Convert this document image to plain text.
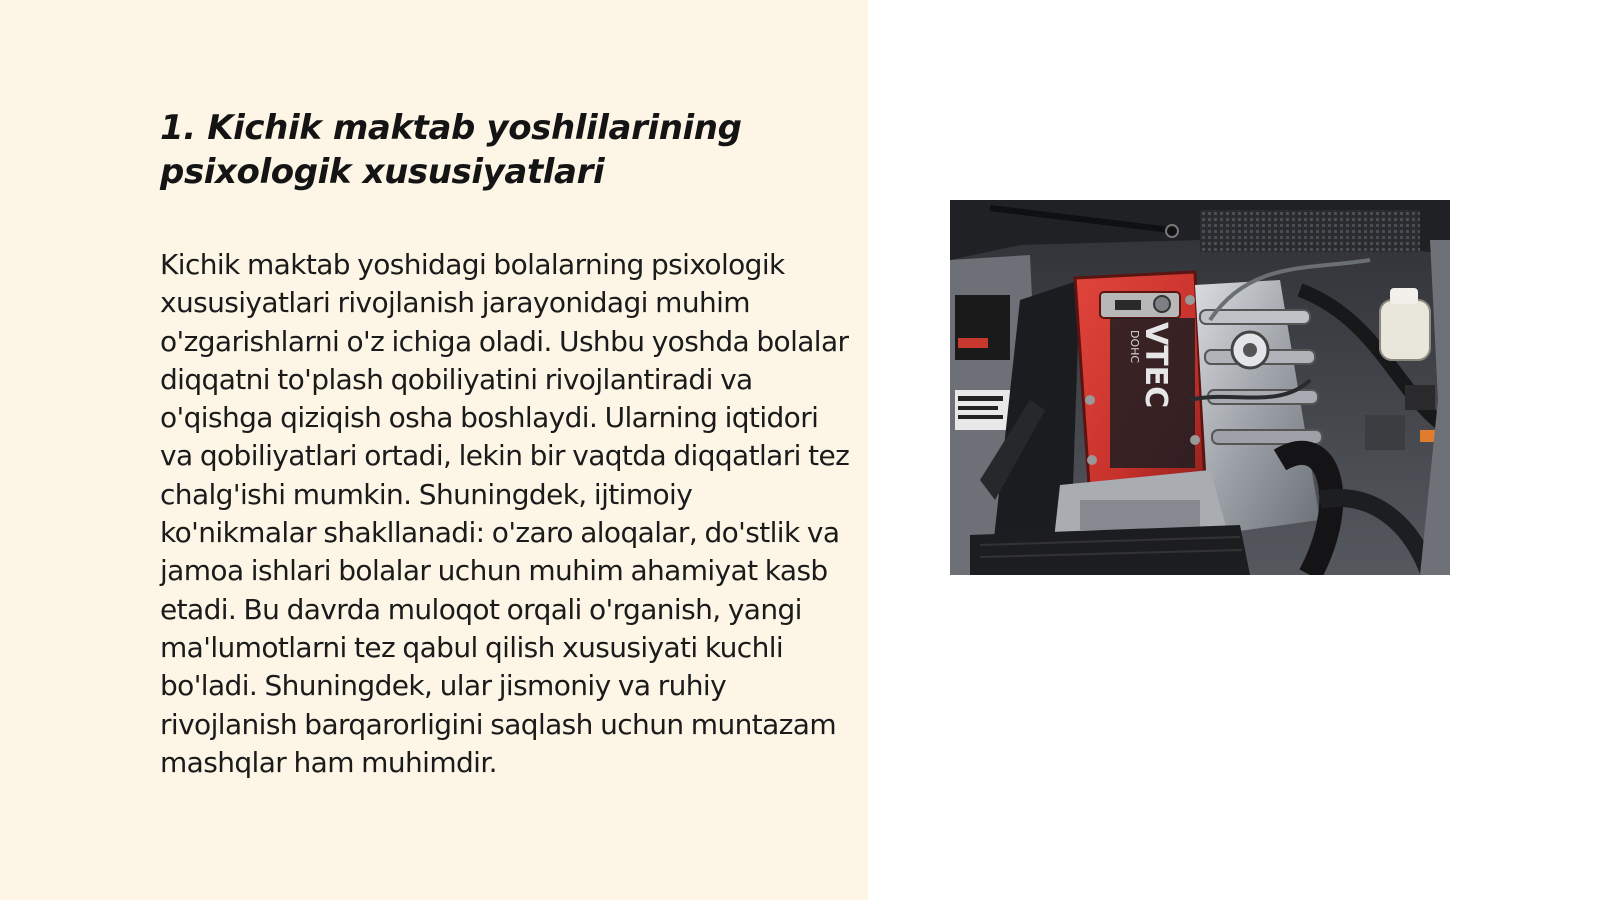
1. Kichik maktab yoshlilarining psixologik xususiyatlari

Kichik maktab yoshidagi bolalarning psixologik xususiyatlari rivojlanish jarayonidagi muhim o'zgarishlarni o'z ichiga oladi. Ushbu yoshda bolalar diqqatni to'plash qobiliyatini rivojlantiradi va o'qishga qiziqish osha boshlaydi. Ularning iqtidori va qobiliyatlari ortadi, lekin bir vaqtda diqqatlari tez chalg'ishi mumkin. Shuningdek, ijtimoiy ko'nikmalar shakllanadi: o'zaro aloqalar, do'stlik va jamoa ishlari bolalar uchun muhim ahamiyat kasb etadi. Bu davrda muloqot orqali o'rganish, yangi ma'lumotlarni tez qabul qilish xususiyati kuchli bo'ladi. Shuningdek, ular jismoniy va ruhiy rivojlanish barqarorligini saqlash uchun muntazam mashqlar ham muhimdir.

DOHC
VTEC
